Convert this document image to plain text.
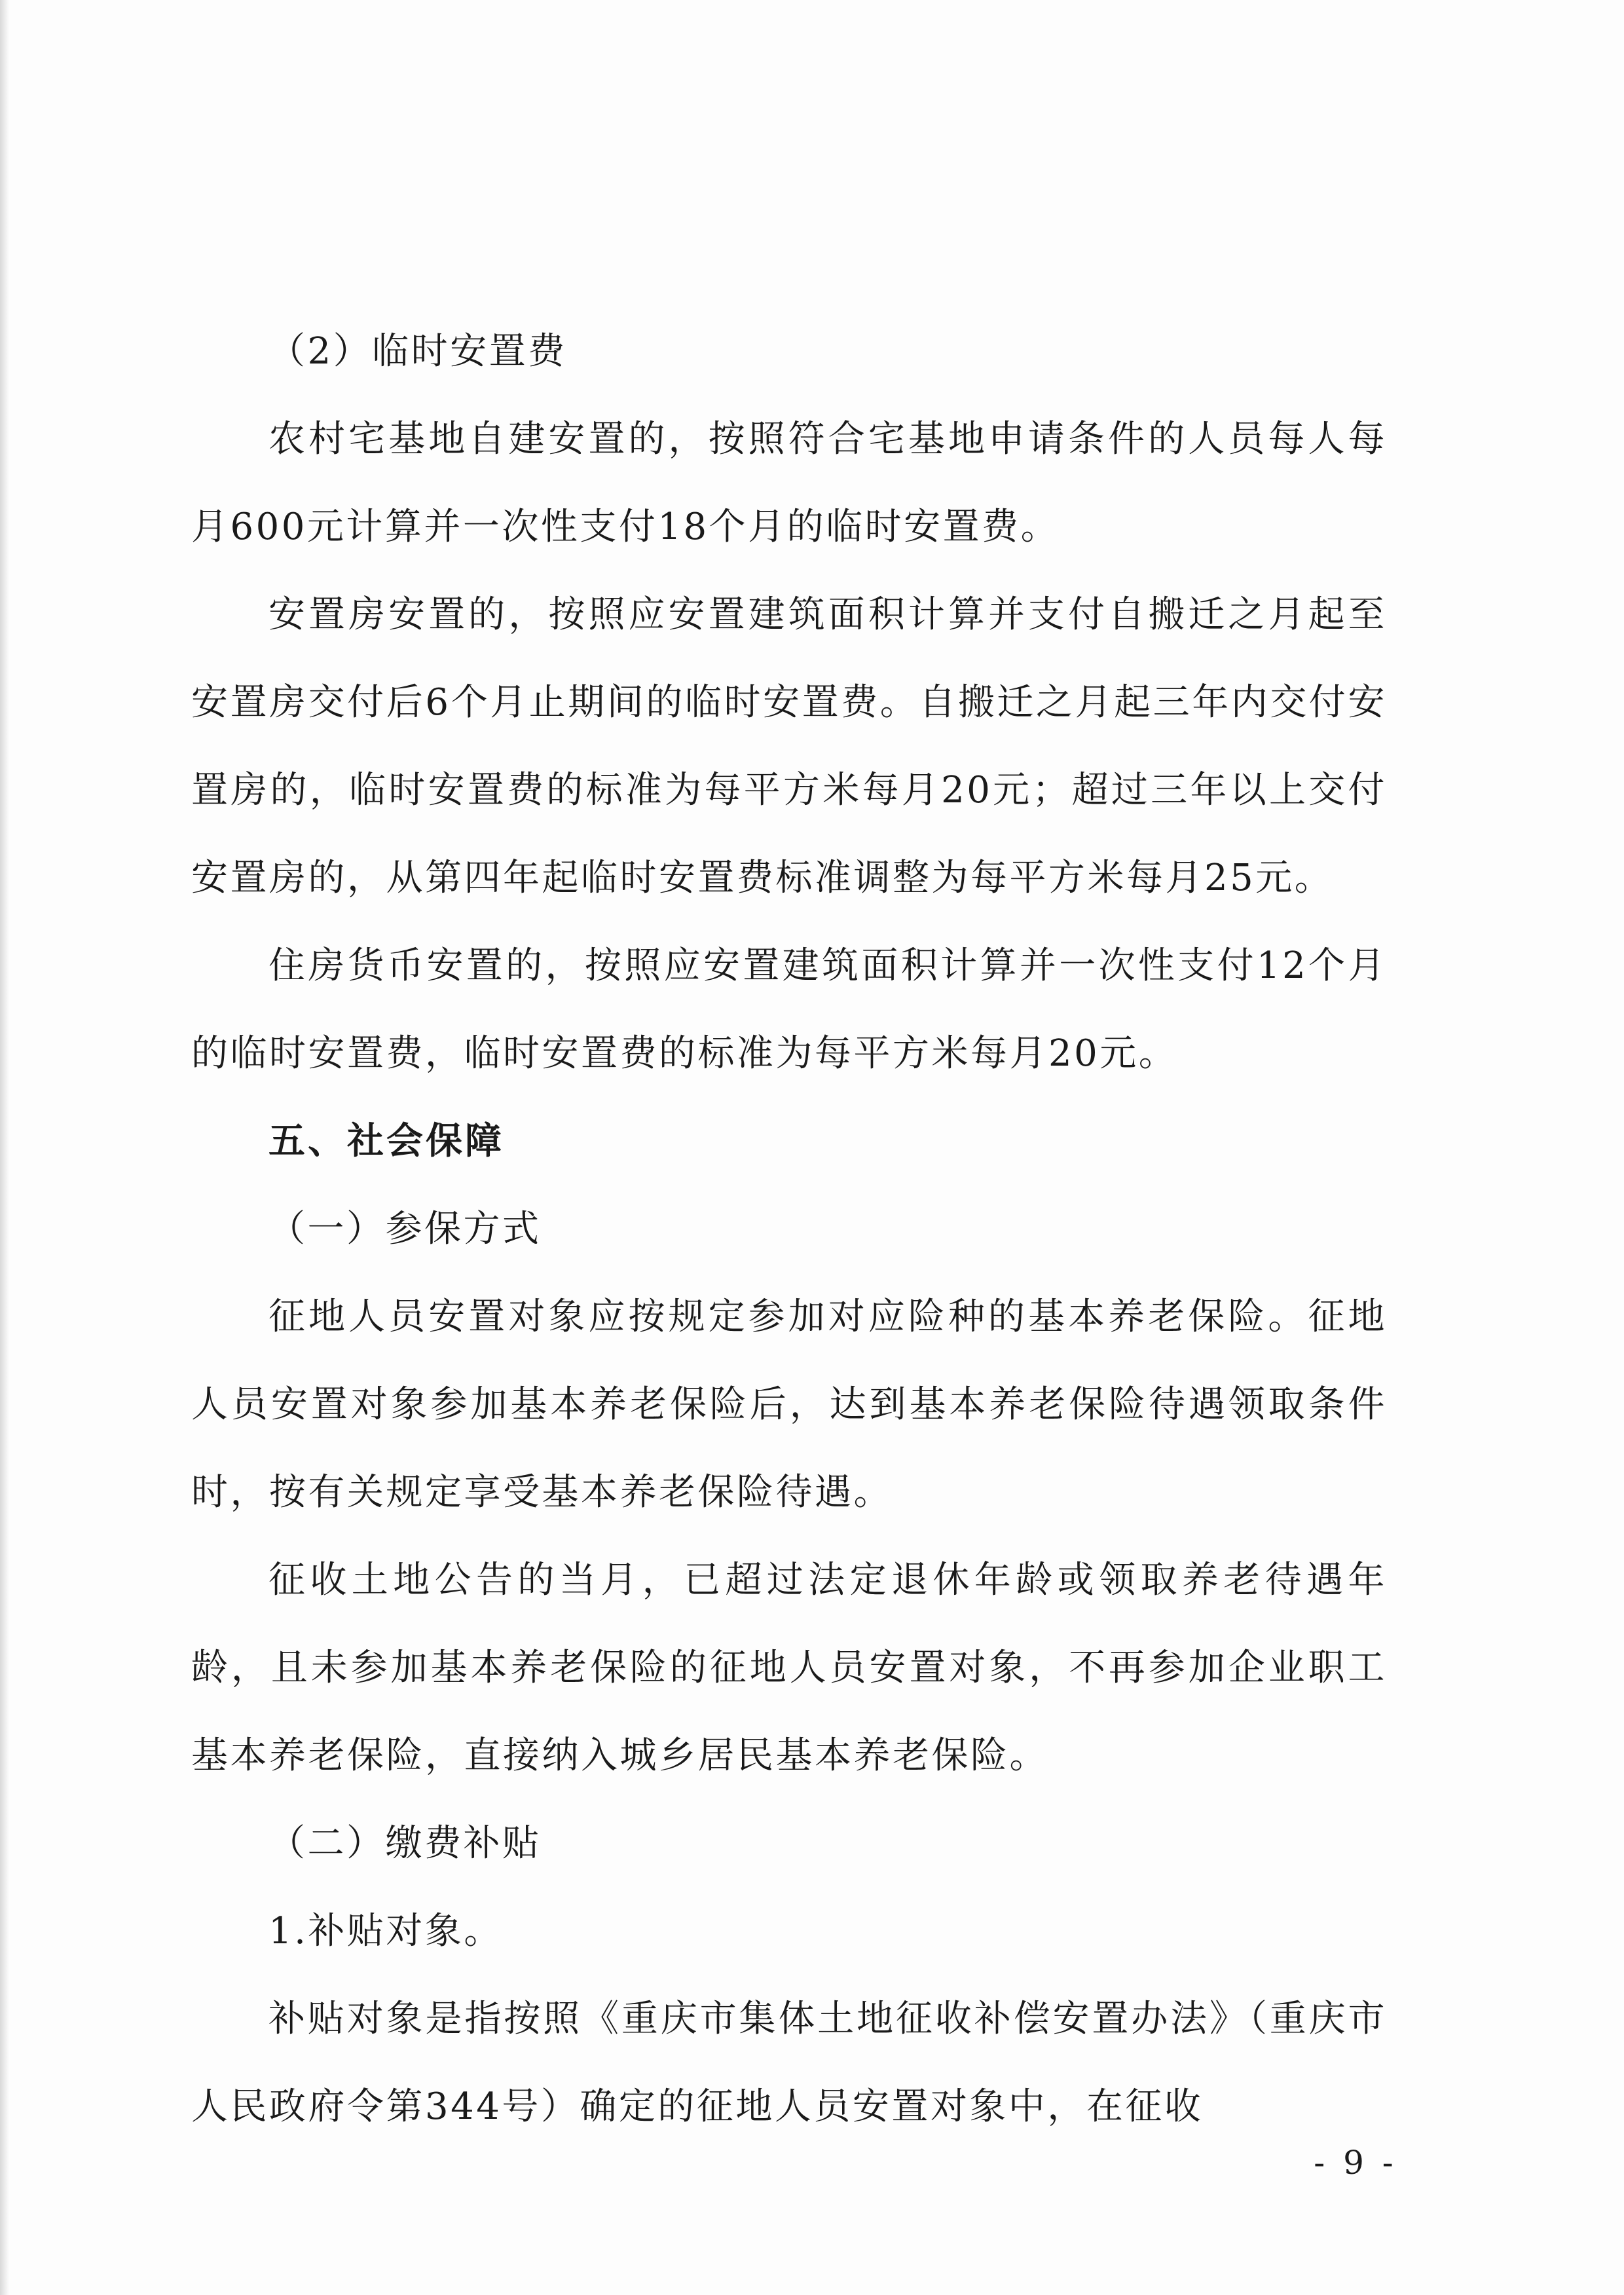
（2）临时安置费

农村宅基地自建安置的，按照符合宅基地申请条件的人员每人每月600元计算并一次性支付18个月的临时安置费。

安置房安置的，按照应安置建筑面积计算并支付自搬迁之月起至安置房交付后6个月止期间的临时安置费。自搬迁之月起三年内交付安置房的，临时安置费的标准为每平方米每月20元；超过三年以上交付安置房的，从第四年起临时安置费标准调整为每平方米每月25元。

住房货币安置的，按照应安置建筑面积计算并一次性支付12个月的临时安置费，临时安置费的标准为每平方米每月20元。

五、社会保障

（一）参保方式

征地人员安置对象应按规定参加对应险种的基本养老保险。征地人员安置对象参加基本养老保险后，达到基本养老保险待遇领取条件时，按有关规定享受基本养老保险待遇。

征收土地公告的当月，已超过法定退休年龄或领取养老待遇年龄，且未参加基本养老保险的征地人员安置对象，不再参加企业职工基本养老保险，直接纳入城乡居民基本养老保险。

（二）缴费补贴

1.补贴对象。

补贴对象是指按照《重庆市集体土地征收补偿安置办法》（重庆市人民政府令第344号）确定的征地人员安置对象中，在征收

- 9 -
